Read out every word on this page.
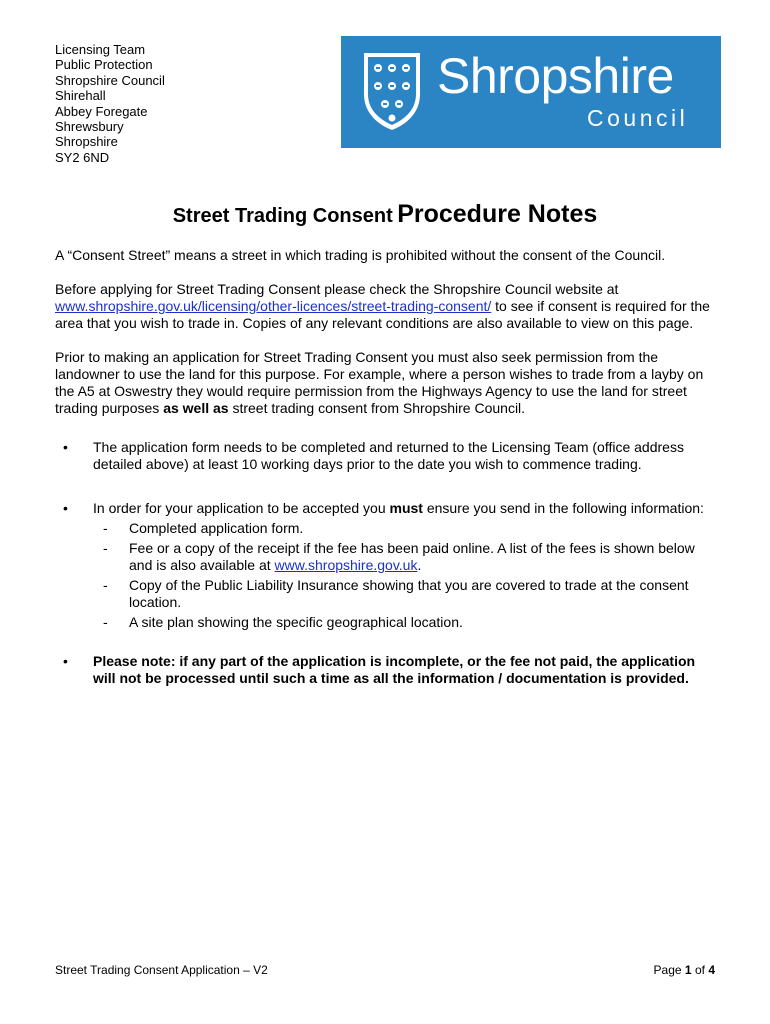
Licensing Team
Public Protection
Shropshire Council
Shirehall
Abbey Foregate
Shrewsbury
Shropshire
SY2 6ND
Shropshire
Council
Street Trading Consent Procedure Notes

A “Consent Street” means a street in which trading is prohibited without the consent of the Council.

Before applying for Street Trading Consent please check the Shropshire Council website at www.shropshire.gov.uk/licensing/other-licences/street-trading-consent/ to see if consent is required for the area that you wish to trade in. Copies of any relevant conditions are also available to view on this page.

Prior to making an application for Street Trading Consent you must also seek permission from the landowner to use the land for this purpose. For example, where a person wishes to trade from a layby on the A5 at Oswestry they would require permission from the Highways Agency to use the land for street trading purposes as well as street trading consent from Shropshire Council.

• The application form needs to be completed and returned to the Licensing Team (office address detailed above) at least 10 working days prior to the date you wish to commence trading.
• In order for your application to be accepted you must ensure you send in the following information:
- Completed application form.
- Fee or a copy of the receipt if the fee has been paid online. A list of the fees is shown below and is also available at www.shropshire.gov.uk.
- Copy of the Public Liability Insurance showing that you are covered to trade at the consent location.
- A site plan showing the specific geographical location.
• Please note: if any part of the application is incomplete, or the fee not paid, the application will not be processed until such a time as all the information / documentation is provided.
Street Trading Consent Application – V2	Page 1 of 4
